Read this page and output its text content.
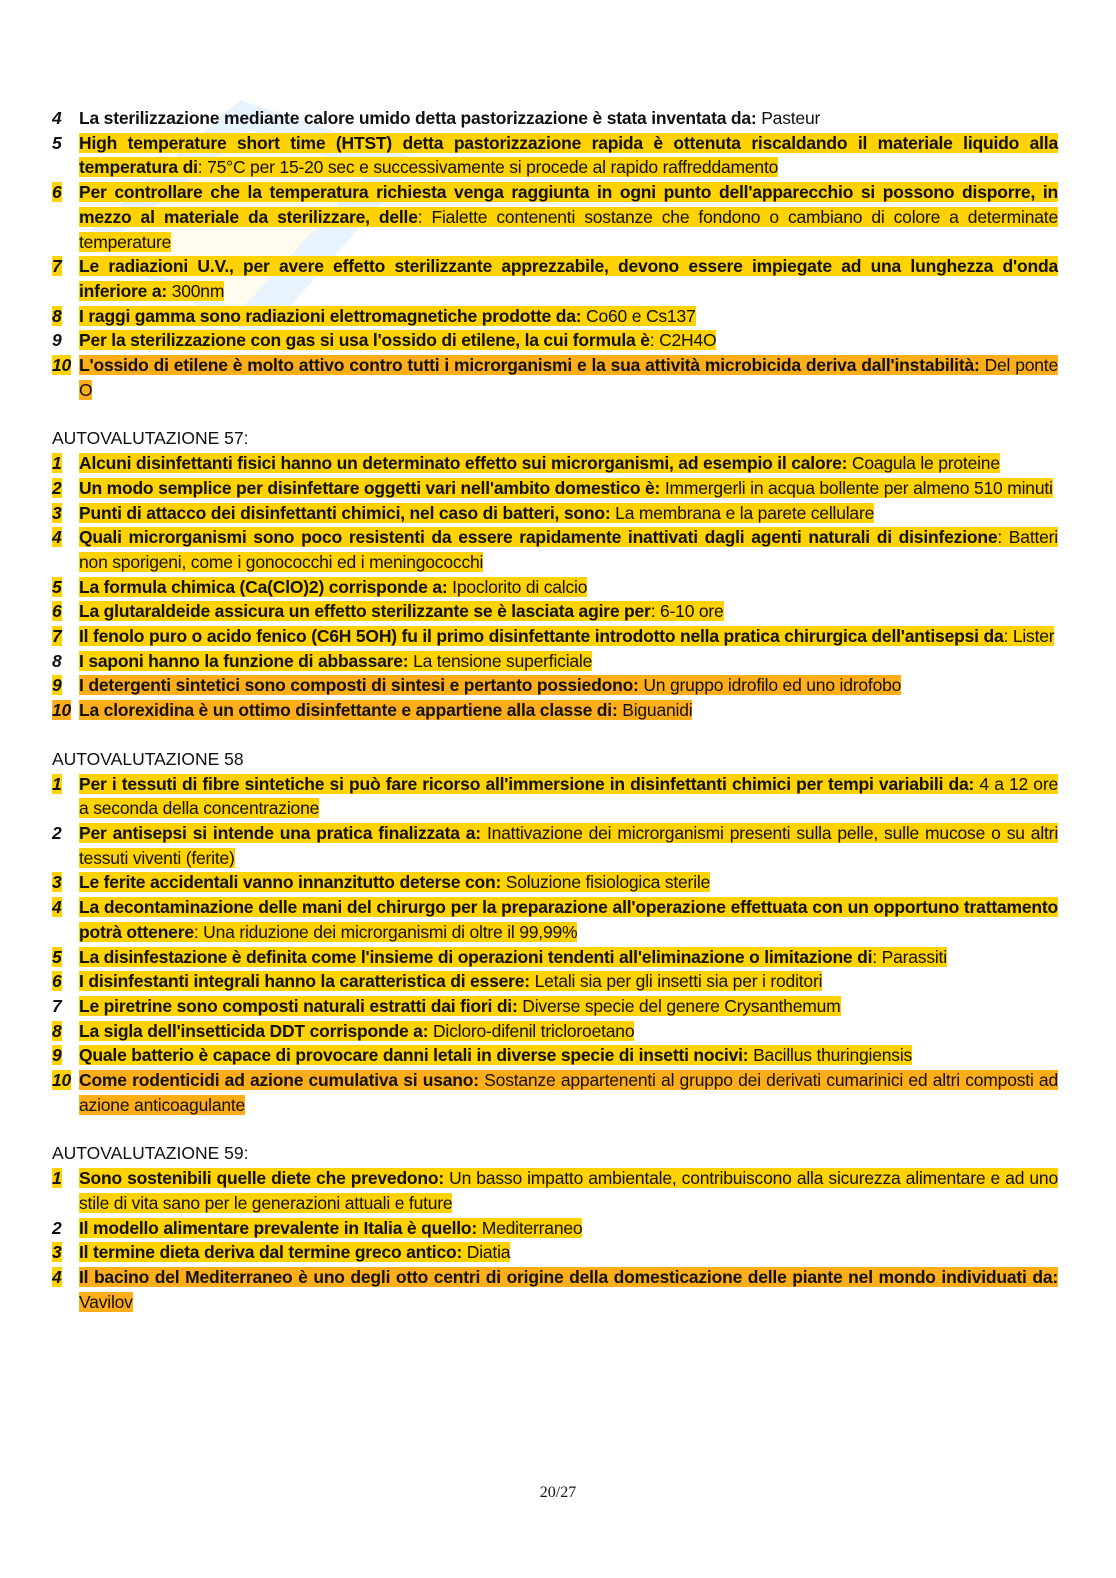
4 La sterilizzazione mediante calore umido detta pastorizzazione è stata inventata da: Pasteur
5 High temperature short time (HTST) detta pastorizzazione rapida è ottenuta riscaldando il materiale liquido alla temperatura di: 75°C per 15-20 sec e successivamente si procede al rapido raffreddamento
6 Per controllare che la temperatura richiesta venga raggiunta in ogni punto dell'apparecchio si possono disporre, in mezzo al materiale da sterilizzare, delle: Fialette contenenti sostanze che fondono o cambiano di colore a determinate temperature
7 Le radiazioni U.V., per avere effetto sterilizzante apprezzabile, devono essere impiegate ad una lunghezza d'onda inferiore a: 300nm
8 I raggi gamma sono radiazioni elettromagnetiche prodotte da: Co60 e Cs137
9 Per la sterilizzazione con gas si usa l'ossido di etilene, la cui formula è: C2H4O
10 L'ossido di etilene è molto attivo contro tutti i microrganismi e la sua attività microbicida deriva dall'instabilità: Del ponte O
AUTOVALUTAZIONE 57:
1 Alcuni disinfettanti fisici hanno un determinato effetto sui microrganismi, ad esempio il calore: Coagula le proteine
2 Un modo semplice per disinfettare oggetti vari nell'ambito domestico è: Immergerli in acqua bollente per almeno 510 minuti
3 Punti di attacco dei disinfettanti chimici, nel caso di batteri, sono: La membrana e la parete cellulare
4 Quali microrganismi sono poco resistenti da essere rapidamente inattivati dagli agenti naturali di disinfezione: Batteri non sporigeni, come i gonococchi ed i meningococchi
5 La formula chimica (Ca(ClO)2) corrisponde a: Ipoclorito di calcio
6 La glutaraldeide assicura un effetto sterilizzante se è lasciata agire per: 6-10 ore
7 Il fenolo puro o acido fenico (C6H 5OH) fu il primo disinfettante introdotto nella pratica chirurgica dell'antisepsi da: Lister
8 I saponi hanno la funzione di abbassare: La tensione superficiale
9 I detergenti sintetici sono composti di sintesi e pertanto possiedono: Un gruppo idrofilo ed uno idrofobo
10 La clorexidina è un ottimo disinfettante e appartiene alla classe di: Biguanidi
AUTOVALUTAZIONE 58
1 Per i tessuti di fibre sintetiche si può fare ricorso all'immersione in disinfettanti chimici per tempi variabili da: 4 a 12 ore a seconda della concentrazione
2 Per antisepsi si intende una pratica finalizzata a: Inattivazione dei microrganismi presenti sulla pelle, sulle mucose o su altri tessuti viventi (ferite)
3 Le ferite accidentali vanno innanzitutto deterse con: Soluzione fisiologica sterile
4 La decontaminazione delle mani del chirurgo per la preparazione all'operazione effettuata con un opportuno trattamento potrà ottenere: Una riduzione dei microrganismi di oltre il 99,99%
5 La disinfestazione è definita come l'insieme di operazioni tendenti all'eliminazione o limitazione di: Parassiti
6 I disinfestanti integrali hanno la caratteristica di essere: Letali sia per gli insetti sia per i roditori
7 Le piretrine sono composti naturali estratti dai fiori di: Diverse specie del genere Crysanthemum
8 La sigla dell'insetticida DDT corrisponde a: Dicloro-difenil tricloroetano
9 Quale batterio è capace di provocare danni letali in diverse specie di insetti nocivi: Bacillus thuringiensis
10 Come rodenticidi ad azione cumulativa si usano: Sostanze appartenenti al gruppo dei derivati cumarinici ed altri composti ad azione anticoagulante
AUTOVALUTAZIONE 59:
1 Sono sostenibili quelle diete che prevedono: Un basso impatto ambientale, contribuiscono alla sicurezza alimentare e ad uno stile di vita sano per le generazioni attuali e future
2 Il modello alimentare prevalente in Italia è quello: Mediterraneo
3 Il termine dieta deriva dal termine greco antico: Diatia
4 Il bacino del Mediterraneo è uno degli otto centri di origine della domesticazione delle piante nel mondo individuati da: Vavilov
20/27
